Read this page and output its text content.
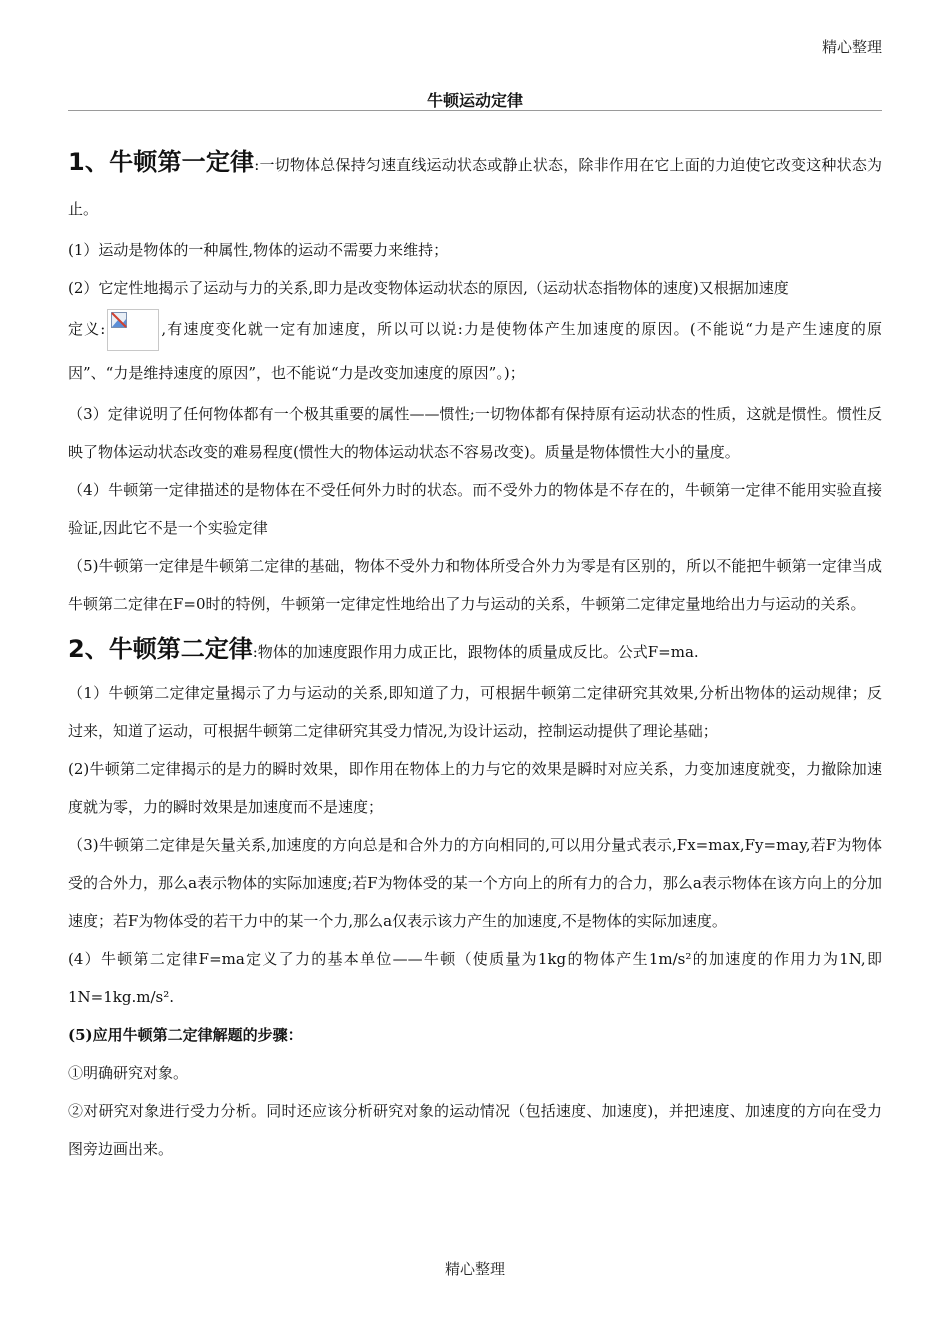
精心整理
牛顿运动定律

1、牛顿第一定律:一切物体总保持匀速直线运动状态或静止状态，除非作用在它上面的力迫使它改变这种状态为止。

(1）运动是物体的一种属性,物体的运动不需要力来维持；

(2）它定性地揭示了运动与力的关系,即力是改变物体运动状态的原因,（运动状态指物体的速度)又根据加速度

定义:	,有速度变化就一定有加速度，所以可以说:力是使物体产生加速度的原因。(不能说“力是产生速度的原因”、“力是维持速度的原因”，也不能说“力是改变加速度的原因”。)；

（3）定律说明了任何物体都有一个极其重要的属性——惯性;一切物体都有保持原有运动状态的性质，这就是惯性。惯性反映了物体运动状态改变的难易程度(惯性大的物体运动状态不容易改变)。质量是物体惯性大小的量度。

（4）牛顿第一定律描述的是物体在不受任何外力时的状态。而不受外力的物体是不存在的，牛顿第一定律不能用实验直接验证,因此它不是一个实验定律

（5)牛顿第一定律是牛顿第二定律的基础，物体不受外力和物体所受合外力为零是有区别的，所以不能把牛顿第一定律当成牛顿第二定律在F=0时的特例，牛顿第一定律定性地给出了力与运动的关系，牛顿第二定律定量地给出力与运动的关系。

2、牛顿第二定律:物体的加速度跟作用力成正比，跟物体的质量成反比。公式F=ma.

（1）牛顿第二定律定量揭示了力与运动的关系,即知道了力，可根据牛顿第二定律研究其效果,分析出物体的运动规律；反过来，知道了运动，可根据牛顿第二定律研究其受力情况,为设计运动，控制运动提供了理论基础；

(2)牛顿第二定律揭示的是力的瞬时效果，即作用在物体上的力与它的效果是瞬时对应关系，力变加速度就变，力撤除加速度就为零，力的瞬时效果是加速度而不是速度；

（3)牛顿第二定律是矢量关系,加速度的方向总是和合外力的方向相同的,可以用分量式表示,Fx=max,Fy=may,若F为物体受的合外力，那么a表示物体的实际加速度;若F为物体受的某一个方向上的所有力的合力，那么a表示物体在该方向上的分加速度；若F为物体受的若干力中的某一个力,那么a仅表示该力产生的加速度,不是物体的实际加速度。

(4）牛顿第二定律F=ma定义了力的基本单位——牛顿（使质量为1kg的物体产生1m/s²的加速度的作用力为1N,即1N=1kg.m/s².

(5)应用牛顿第二定律解题的步骤：

①明确研究对象。

②对研究对象进行受力分析。同时还应该分析研究对象的运动情况（包括速度、加速度)，并把速度、加速度的方向在受力图旁边画出来。

精心整理
